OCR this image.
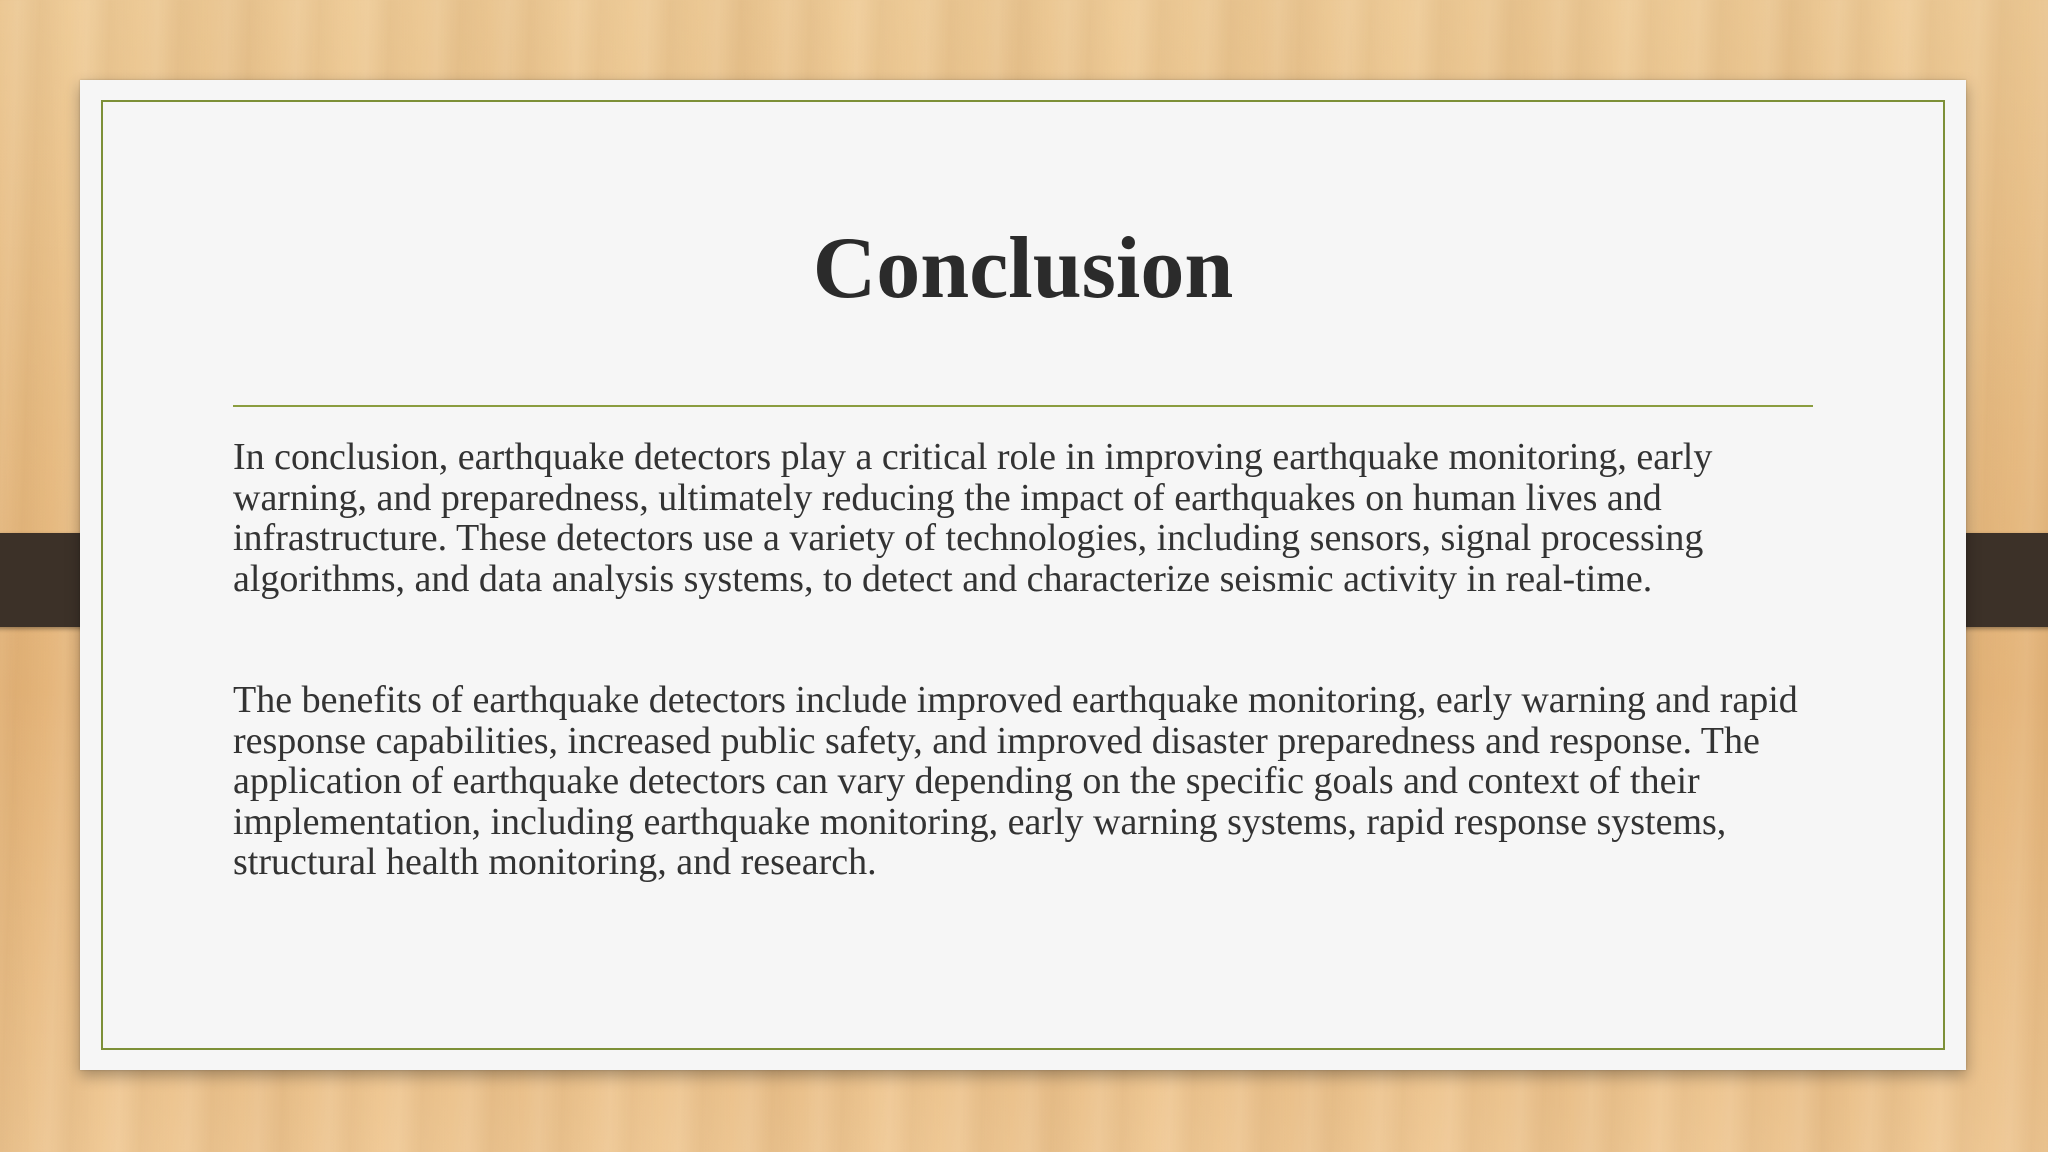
Conclusion

In conclusion, earthquake detectors play a critical role in improving earthquake monitoring, early warning, and preparedness, ultimately reducing the impact of earthquakes on human lives and infrastructure. These detectors use a variety of technologies, including sensors, signal processing algorithms, and data analysis systems, to detect and characterize seismic activity in real-time.

The benefits of earthquake detectors include improved earthquake monitoring, early warning and rapid response capabilities, increased public safety, and improved disaster preparedness and response. The application of earthquake detectors can vary depending on the specific goals and context of their implementation, including earthquake monitoring, early warning systems, rapid response systems, structural health monitoring, and research.
